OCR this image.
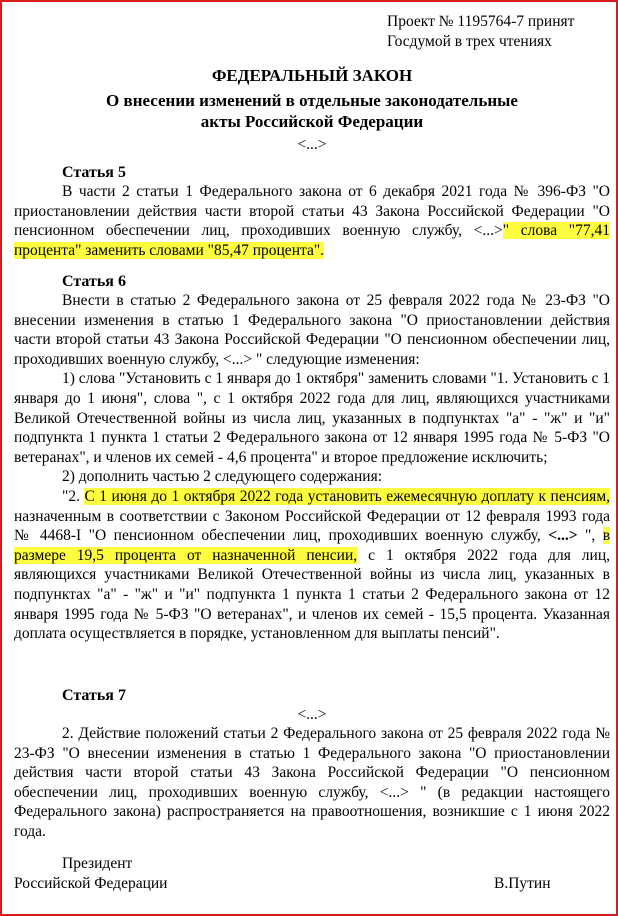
Проект № 1195764-7 принят
Госдумой в трех чтениях
ФЕДЕРАЛЬНЫЙ ЗАКОН
О внесении изменений в отдельные законодательные
акты Российской Федерации
<...>
Статья 5

В части 2 статьи 1 Федерального закона от 6 декабря 2021 года № 396-ФЗ "О приостановлении действия части второй статьи 43 Закона Российской Федерации "О пенсионном обеспечении лиц, проходивших военную службу, <...>" слова "77,41 процента" заменить словами "85,47 процента".

Статья 6

Внести в статью 2 Федерального закона от 25 февраля 2022 года № 23-ФЗ "О внесении изменения в статью 1 Федерального закона "О приостановлении действия части второй статьи 43 Закона Российской Федерации "О пенсионном обеспечении лиц, проходивших военную службу, <...> " следующие изменения:

1) слова "Установить с 1 января до 1 октября" заменить словами "1. Установить с 1 января до 1 июня", слова ", с 1 октября 2022 года для лиц, являющихся участниками Великой Отечественной войны из числа лиц, указанных в подпунктах "а" - "ж" и "и" подпункта 1 пункта 1 статьи 2 Федерального закона от 12 января 1995 года № 5-ФЗ "О ветеранах", и членов их семей - 4,6 процента" и второе предложение исключить;

2) дополнить частью 2 следующего содержания:

"2. С 1 июня до 1 октября 2022 года установить ежемесячную доплату к пенсиям, назначенным в соответствии с Законом Российской Федерации от 12 февраля 1993 года № 4468-I "О пенсионном обеспечении лиц, проходивших военную службу, <...> ", в размере 19,5 процента от назначенной пенсии, с 1 октября 2022 года для лиц, являющихся участниками Великой Отечественной войны из числа лиц, указанных в подпунктах "а" - "ж" и "и" подпункта 1 пункта 1 статьи 2 Федерального закона от 12 января 1995 года № 5-ФЗ "О ветеранах", и членов их семей - 15,5 процента. Указанная доплата осуществляется в порядке, установленном для выплаты пенсий".

Статья 7
<...>

2. Действие положений статьи 2 Федерального закона от 25 февраля 2022 года № 23-ФЗ "О внесении изменения в статью 1 Федерального закона "О приостановлении действия части второй статьи 43 Закона Российской Федерации "О пенсионном обеспечении лиц, проходивших военную службу, <...> " (в редакции настоящего Федерального закона) распространяется на правоотношения, возникшие с 1 июня 2022 года.

Президент
Российской Федерации	В.Путин
